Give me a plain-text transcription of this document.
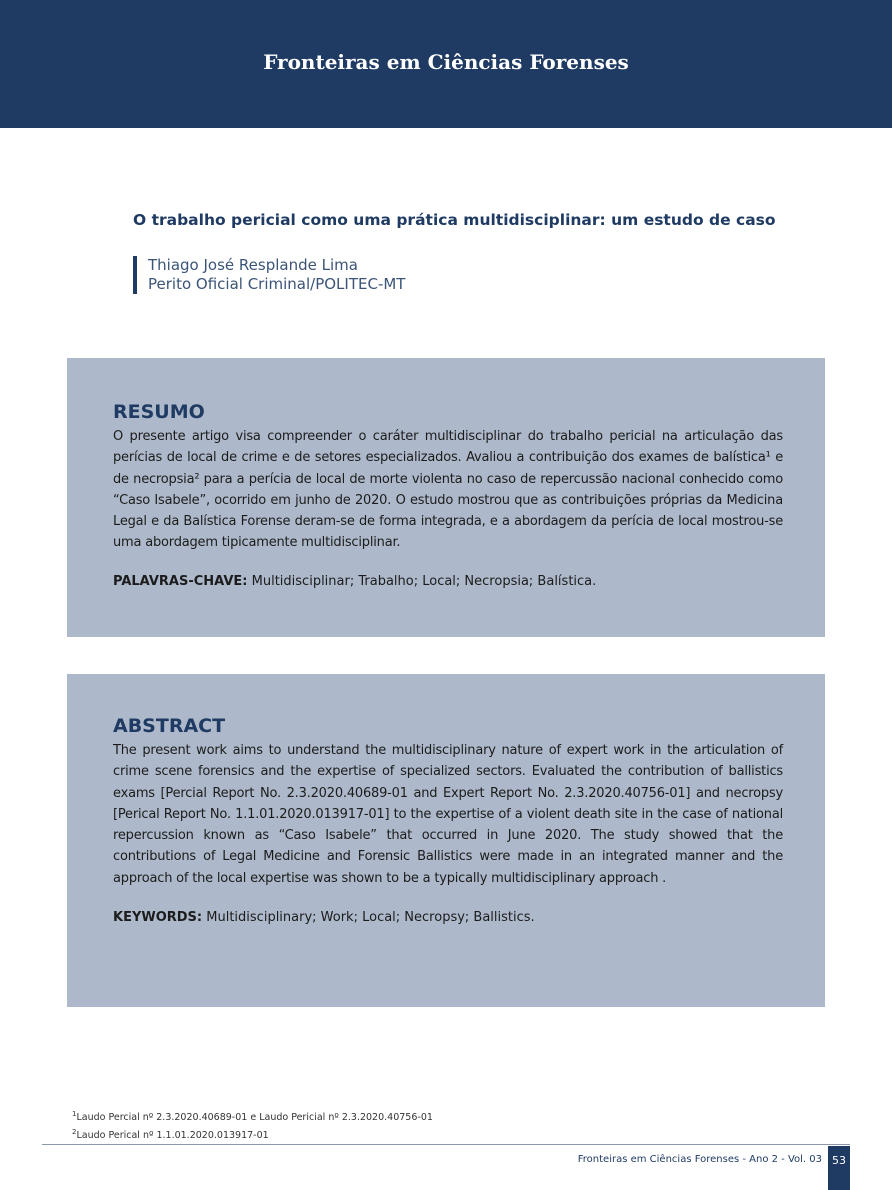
Fronteiras em Ciências Forenses
O trabalho pericial como uma prática multidisciplinar: um estudo de caso
Thiago José Resplande Lima
Perito Oficial Criminal/POLITEC-MT
RESUMO
O presente artigo visa compreender o caráter multidisciplinar do trabalho pericial na articulação das perícias de local de crime e de setores especializados. Avaliou a contribuição dos exames de balística¹ e de necropsia² para a perícia de local de morte violenta no caso de repercussão nacional conhecido como “Caso Isabele”, ocorrido em junho de 2020. O estudo mostrou que as contribuições próprias da Medicina Legal e da Balística Forense deram-se de forma integrada, e a abordagem da perícia de local mostrou-se uma abordagem tipicamente multidisciplinar.
PALAVRAS-CHAVE: Multidisciplinar; Trabalho; Local; Necropsia; Balística.
ABSTRACT
The present work aims to understand the multidisciplinary nature of expert work in the articulation of crime scene forensics and the expertise of specialized sectors. Evaluated the contribution of ballistics exams [Percial Report No. 2.3.2020.40689-01 and Expert Report No. 2.3.2020.40756-01] and necropsy [Perical Report No. 1.1.01.2020.013917-01] to the expertise of a violent death site in the case of national repercussion known as “Caso Isabele” that occurred in June 2020. The study showed that the contributions of Legal Medicine and Forensic Ballistics were made in an integrated manner and the approach of the local expertise was shown to be a typically multidisciplinary approach .
KEYWORDS: Multidisciplinary; Work; Local; Necropsy; Ballistics.
$^1$Laudo Percial nº 2.3.2020.40689-01 e Laudo Pericial nº 2.3.2020.40756-01
$^2$Laudo Perical nº 1.1.01.2020.013917-01
Fronteiras em Ciências Forenses - Ano 2 - Vol. 03 53
